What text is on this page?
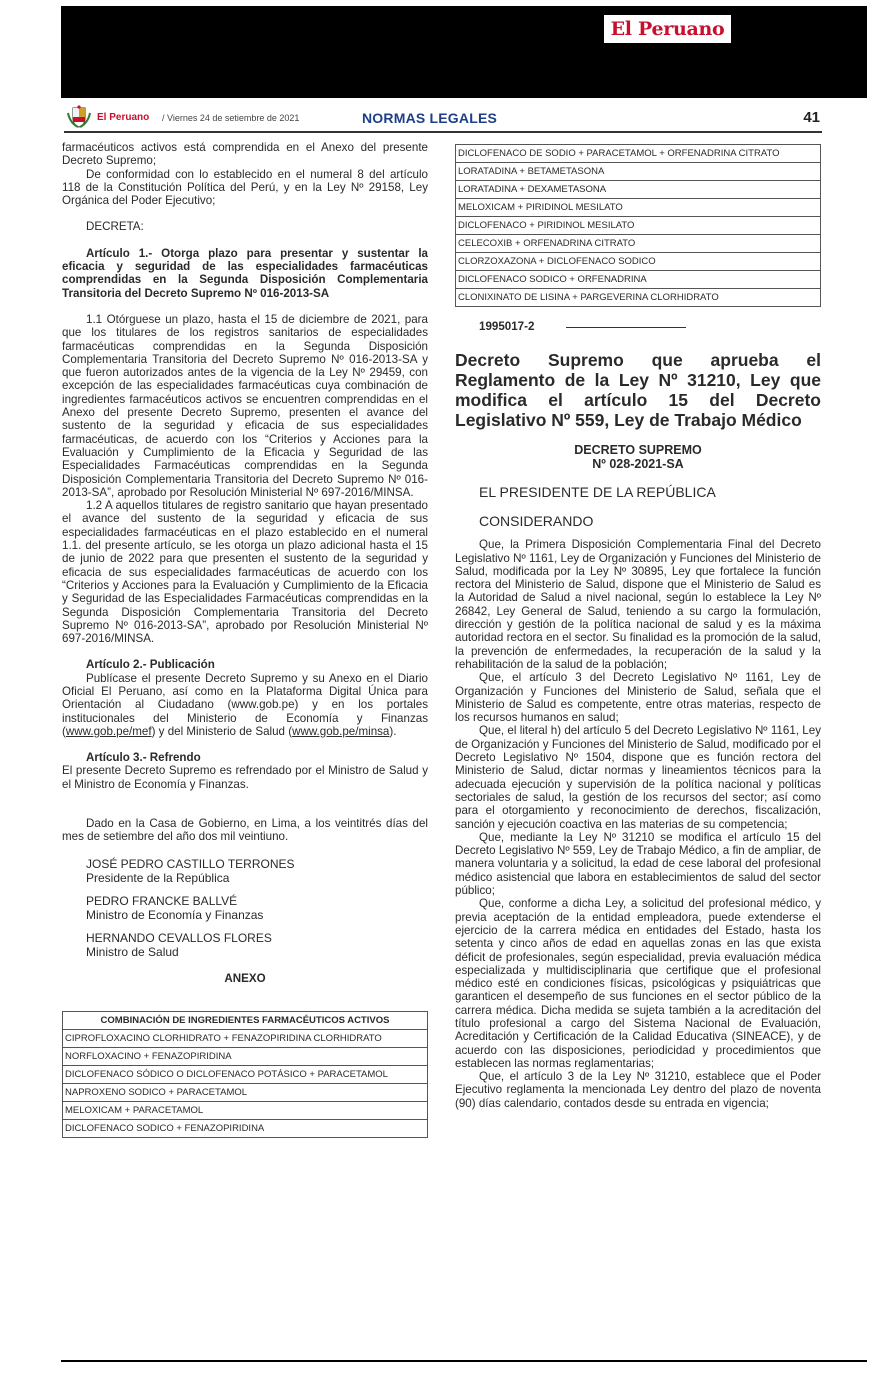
El Peruano
El Peruano / Viernes 24 de setiembre de 2021	NORMAS LEGALES	41

farmacéuticos activos está comprendida en el Anexo del presente Decreto Supremo;

De conformidad con lo establecido en el numeral 8 del artículo 118 de la Constitución Política del Perú, y en la Ley Nº 29158, Ley Orgánica del Poder Ejecutivo;

DECRETA:

Artículo 1.- Otorga plazo para presentar y sustentar la eficacia y seguridad de las especialidades farmacéuticas comprendidas en la Segunda Disposición Complementaria Transitoria del Decreto Supremo Nº 016-2013-SA

1.1 Otórguese un plazo, hasta el 15 de diciembre de 2021, para que los titulares de los registros sanitarios de especialidades farmacéuticas comprendidas en la Segunda Disposición Complementaria Transitoria del Decreto Supremo Nº 016-2013-SA y que fueron autorizados antes de la vigencia de la Ley Nº 29459, con excepción de las especialidades farmacéuticas cuya combinación de ingredientes farmacéuticos activos se encuentren comprendidas en el Anexo del presente Decreto Supremo, presenten el avance del sustento de la seguridad y eficacia de sus especialidades farmacéuticas, de acuerdo con los “Criterios y Acciones para la Evaluación y Cumplimiento de la Eficacia y Seguridad de las Especialidades Farmacéuticas comprendidas en la Segunda Disposición Complementaria Transitoria del Decreto Supremo Nº 016-2013-SA”, aprobado por Resolución Ministerial Nº 697-2016/MINSA.

1.2 A aquellos titulares de registro sanitario que hayan presentado el avance del sustento de la seguridad y eficacia de sus especialidades farmacéuticas en el plazo establecido en el numeral 1.1. del presente artículo, se les otorga un plazo adicional hasta el 15 de junio de 2022 para que presenten el sustento de la seguridad y eficacia de sus especialidades farmacéuticas de acuerdo con los “Criterios y Acciones para la Evaluación y Cumplimiento de la Eficacia y Seguridad de las Especialidades Farmacéuticas comprendidas en la Segunda Disposición Complementaria Transitoria del Decreto Supremo Nº 016-2013-SA”, aprobado por Resolución Ministerial Nº 697-2016/MINSA.

Artículo 2.- Publicación

Publícase el presente Decreto Supremo y su Anexo en el Diario Oficial El Peruano, así como en la Plataforma Digital Única para Orientación al Ciudadano (www.gob.pe) y en los portales institucionales del Ministerio de Economía y Finanzas (www.gob.pe/mef) y del Ministerio de Salud (www.gob.pe/minsa).

Artículo 3.- Refrendo

El presente Decreto Supremo es refrendado por el Ministro de Salud y el Ministro de Economía y Finanzas.

Dado en la Casa de Gobierno, en Lima, a los veintitrés días del mes de setiembre del año dos mil veintiuno.

JOSÉ PEDRO CASTILLO TERRONES

Presidente de la República

PEDRO FRANCKE BALLVÉ

Ministro de Economía y Finanzas

HERNANDO CEVALLOS FLORES

Ministro de Salud

ANEXO

COMBINACIÓN DE INGREDIENTES FARMACÉUTICOS ACTIVOS
CIPROFLOXACINO CLORHIDRATO + FENAZOPIRIDINA CLORHIDRATO
NORFLOXACINO + FENAZOPIRIDINA
DICLOFENACO SÓDICO O DICLOFENACO POTÁSICO + PARACETAMOL
NAPROXENO SODICO + PARACETAMOL
MELOXICAM + PARACETAMOL
DICLOFENACO SODICO + FENAZOPIRIDINA
DICLOFENACO DE SODIO + PARACETAMOL + ORFENADRINA CITRATO
LORATADINA + BETAMETASONA
LORATADINA + DEXAMETASONA
MELOXICAM + PIRIDINOL MESILATO
DICLOFENACO + PIRIDINOL MESILATO
CELECOXIB + ORFENADRINA CITRATO
CLORZOXAZONA + DICLOFENACO SODICO
DICLOFENACO SODICO + ORFENADRINA
CLONIXINATO DE LISINA + PARGEVERINA CLORHIDRATO

1995017-2

Decreto Supremo que aprueba el Reglamento de la Ley Nº 31210, Ley que modifica el artículo 15 del Decreto Legislativo Nº 559, Ley de Trabajo Médico
DECRETO SUPREMO
Nº 028-2021-SA

EL PRESIDENTE DE LA REPÚBLICA

CONSIDERANDO

Que, la Primera Disposición Complementaria Final del Decreto Legislativo Nº 1161, Ley de Organización y Funciones del Ministerio de Salud, modificada por la Ley Nº 30895, Ley que fortalece la función rectora del Ministerio de Salud, dispone que el Ministerio de Salud es la Autoridad de Salud a nivel nacional, según lo establece la Ley Nº 26842, Ley General de Salud, teniendo a su cargo la formulación, dirección y gestión de la política nacional de salud y es la máxima autoridad rectora en el sector. Su finalidad es la promoción de la salud, la prevención de enfermedades, la recuperación de la salud y la rehabilitación de la salud de la población;

Que, el artículo 3 del Decreto Legislativo Nº 1161, Ley de Organización y Funciones del Ministerio de Salud, señala que el Ministerio de Salud es competente, entre otras materias, respecto de los recursos humanos en salud;

Que, el literal h) del artículo 5 del Decreto Legislativo Nº 1161, Ley de Organización y Funciones del Ministerio de Salud, modificado por el Decreto Legislativo Nº 1504, dispone que es función rectora del Ministerio de Salud, dictar normas y lineamientos técnicos para la adecuada ejecución y supervisión de la política nacional y políticas sectoriales de salud, la gestión de los recursos del sector; así como para el otorgamiento y reconocimiento de derechos, fiscalización, sanción y ejecución coactiva en las materias de su competencia;

Que, mediante la Ley Nº 31210 se modifica el artículo 15 del Decreto Legislativo Nº 559, Ley de Trabajo Médico, a fin de ampliar, de manera voluntaria y a solicitud, la edad de cese laboral del profesional médico asistencial que labora en establecimientos de salud del sector público;

Que, conforme a dicha Ley, a solicitud del profesional médico, y previa aceptación de la entidad empleadora, puede extenderse el ejercicio de la carrera médica en entidades del Estado, hasta los setenta y cinco años de edad en aquellas zonas en las que exista déficit de profesionales, según especialidad, previa evaluación médica especializada y multidisciplinaria que certifique que el profesional médico esté en condiciones físicas, psicológicas y psiquiátricas que garanticen el desempeño de sus funciones en el sector público de la carrera médica. Dicha medida se sujeta también a la acreditación del título profesional a cargo del Sistema Nacional de Evaluación, Acreditación y Certificación de la Calidad Educativa (SINEACE), y de acuerdo con las disposiciones, periodicidad y procedimientos que establecen las normas reglamentarias;

Que, el artículo 3 de la Ley Nº 31210, establece que el Poder Ejecutivo reglamenta la mencionada Ley dentro del plazo de noventa (90) días calendario, contados desde su entrada en vigencia;
